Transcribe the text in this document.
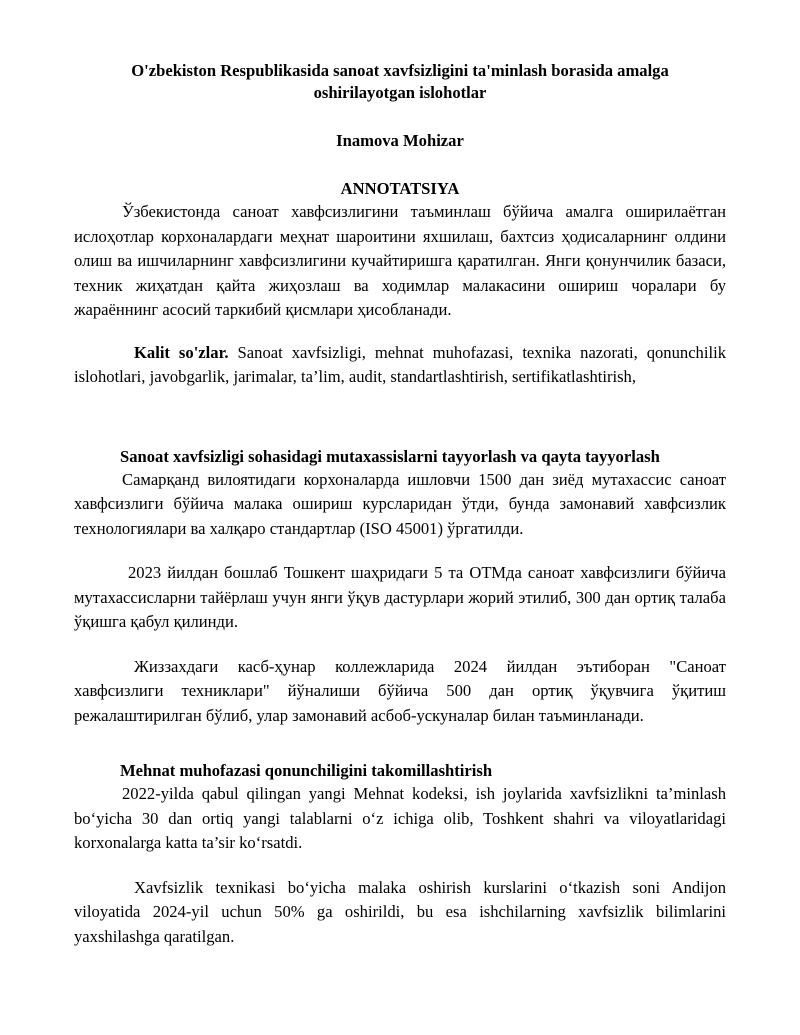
O'zbekiston Respublikasida sanoat xavfsizligini ta'minlash borasida amalga
oshirilayotgan islohotlar
Inamova Mohizar
ANNOTATSIYA

Ўзбекистонда саноат хавфсизлигини таъминлаш бўйича амалга оширилаётган ислоҳотлар корхоналардаги меҳнат шароитини яхшилаш, бахтсиз ҳодисаларнинг олдини олиш ва ишчиларнинг хавфсизлигини кучайтиришга қаратилган. Янги қонунчилик базаси, техник жиҳатдан қайта жиҳозлаш ва ходимлар малакасини ошириш чоралари бу жараённинг асосий таркибий қисмлари ҳисобланади.

Kalit so'zlar. Sanoat xavfsizligi, mehnat muhofazasi, texnika nazorati, qonunchilik islohotlari, javobgarlik, jarimalar, ta’lim, audit, standartlashtirish, sertifikatlashtirish,

Sanoat xavfsizligi sohasidagi mutaxassislarni tayyorlash va qayta tayyorlash

Самарқанд вилоятидаги корхоналарда ишловчи 1500 дан зиёд мутахассис саноат хавфсизлиги бўйича малака ошириш курсларидан ўтди, бунда замонавий хавфсизлик технологиялари ва халқаро стандартлар (ISO 45001) ўргатилди.

2023 йилдан бошлаб Тошкент шаҳридаги 5 та ОТМда саноат хавфсизлиги бўйича мутахассисларни тайёрлаш учун янги ўқув дастурлари жорий этилиб, 300 дан ортиқ талаба ўқишга қабул қилинди.

Жиззахдаги касб-ҳунар коллежларида 2024 йилдан эътиборан "Саноат хавфсизлиги техниклари" йўналиши бўйича 500 дан ортиқ ўқувчига ўқитиш режалаштирилган бўлиб, улар замонавий асбоб-ускуналар билан таъминланади.

Mehnat muhofazasi qonunchiligini takomillashtirish

2022-yilda qabul qilingan yangi Mehnat kodeksi, ish joylarida xavfsizlikni ta’minlash bo‘yicha 30 dan ortiq yangi talablarni o‘z ichiga olib, Toshkent shahri va viloyatlaridagi korxonalarga katta ta’sir ko‘rsatdi.

Xavfsizlik texnikasi bo‘yicha malaka oshirish kurslarini o‘tkazish soni Andijon viloyatida 2024-yil uchun 50% ga oshirildi, bu esa ishchilarning xavfsizlik bilimlarini yaxshilashga qaratilgan.
